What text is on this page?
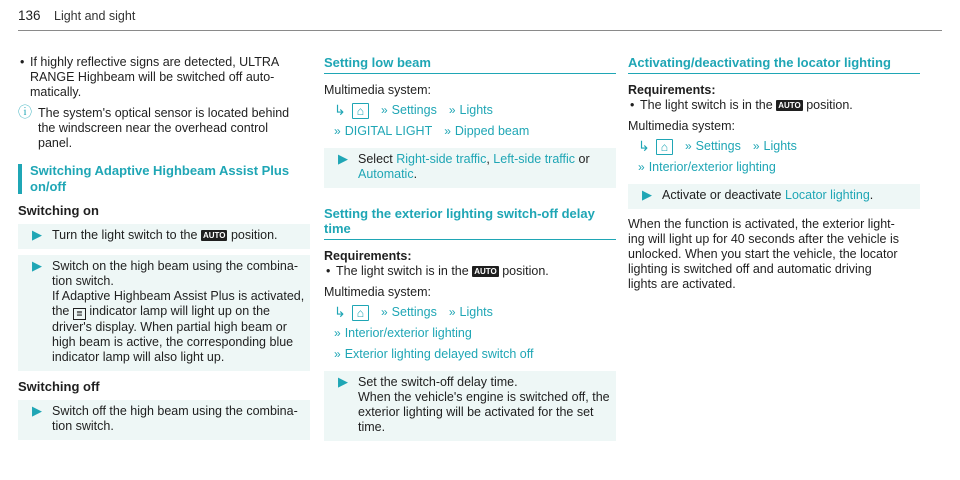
136 Light and sight
• If highly reflective signs are detected, ULTRA
RANGE Highbeam will be switched off auto-
matically.
ⓘ The system's optical sensor is located behind
the windscreen near the overhead control
panel.
Switching Adaptive Highbeam Assist Plus
on/off
Switching on
▶ Turn the light switch to the AUTO position.
▶ Switch on the high beam using the combina-
tion switch.
If Adaptive Highbeam Assist Plus is activated,
the ≣ indicator lamp will light up on the
driver's display. When partial high beam or
high beam is active, the corresponding blue
indicator lamp will also light up.
Switching off
▶ Switch off the high beam using the combina-
tion switch.
Setting low beam
Multimedia system:
↳ ⌂	» Settings » Lights
» DIGITAL LIGHT » Dipped beam
▶ Select Right-side traffic, Left-side traffic or
Automatic.
Setting the exterior lighting switch-off delay time
Requirements:
• The light switch is in the AUTO position.
Multimedia system:
↳ ⌂	» Settings » Lights
» Interior/exterior lighting
» Exterior lighting delayed switch off
▶ Set the switch-off delay time.
When the vehicle's engine is switched off, the
exterior lighting will be activated for the set
time.
Activating/deactivating the locator lighting
Requirements:
• The light switch is in the AUTO position.
Multimedia system:
↳ ⌂	» Settings » Lights
» Interior/exterior lighting
▶ Activate or deactivate Locator lighting.
When the function is activated, the exterior light-
ing will light up for 40 seconds after the vehicle is
unlocked. When you start the vehicle, the locator
lighting is switched off and automatic driving
lights are activated.
